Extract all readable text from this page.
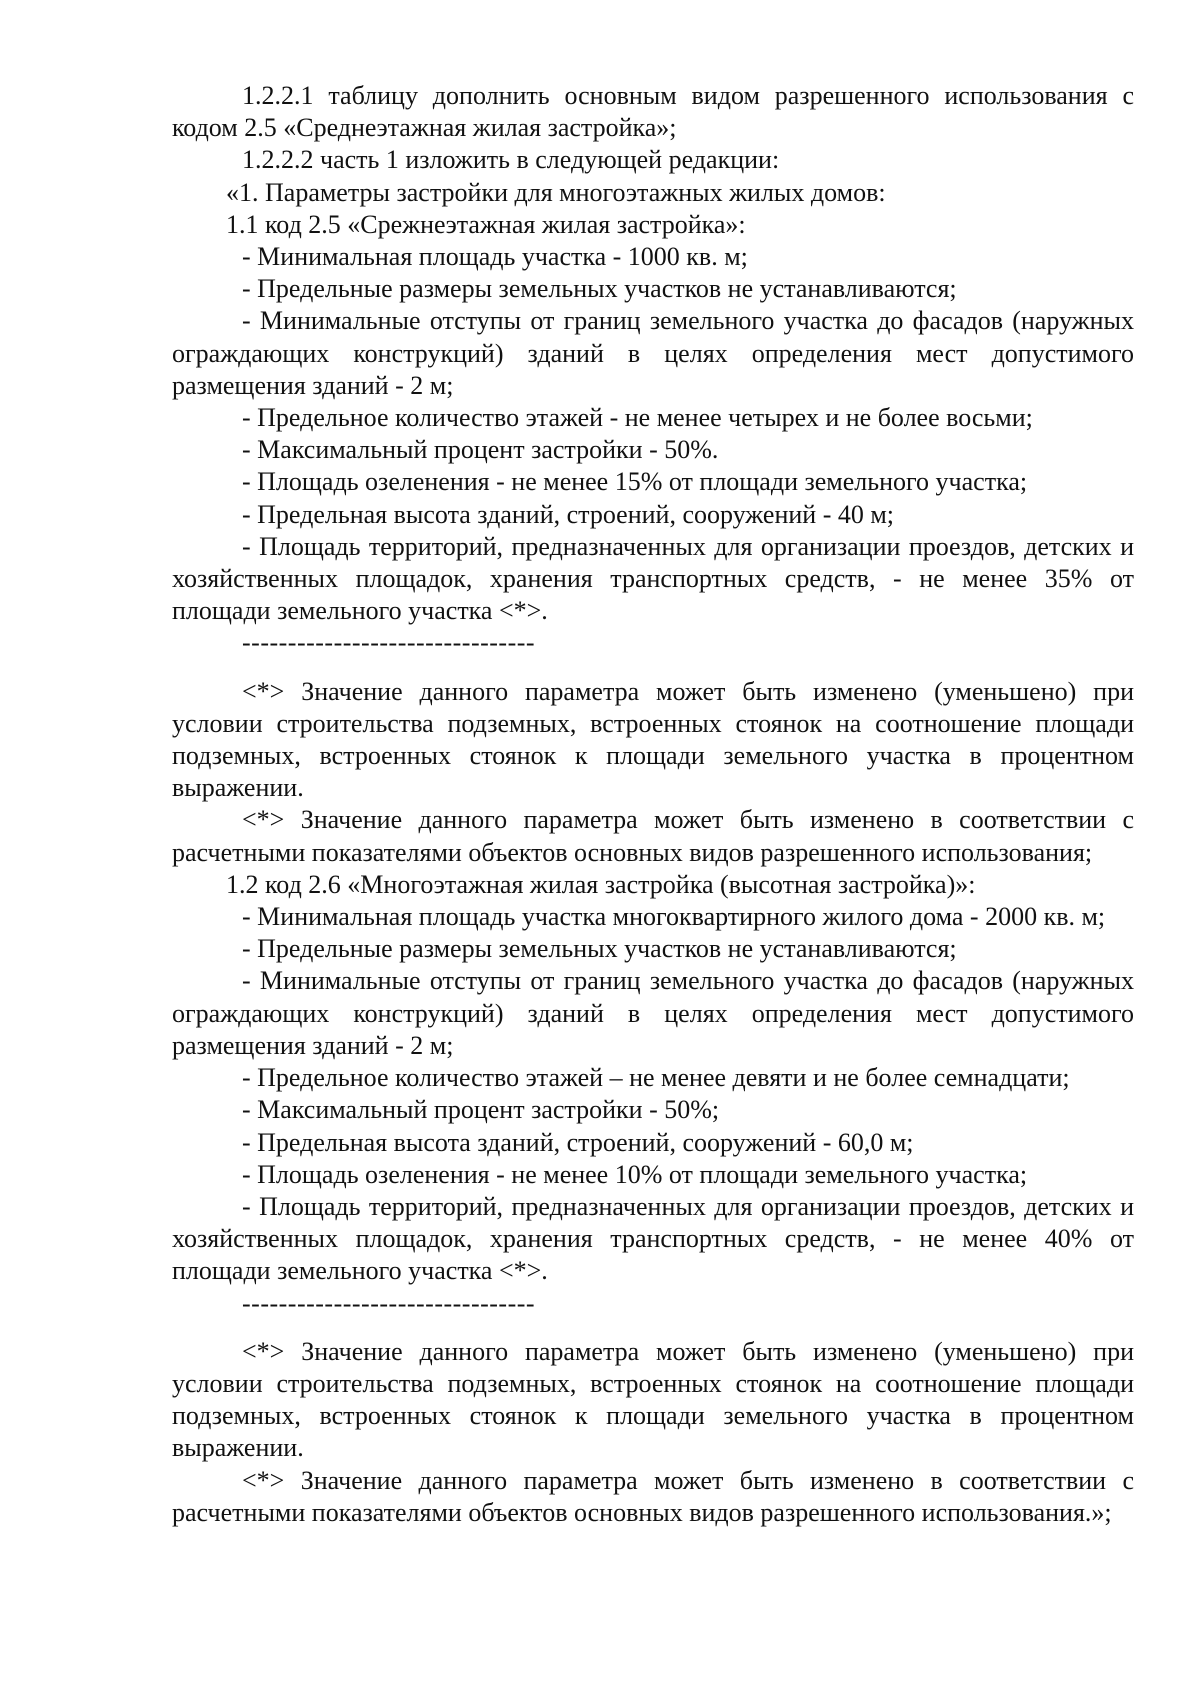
1.2.2.1 таблицу дополнить основным видом разрешенного использования с кодом 2.5 «Среднеэтажная жилая застройка»;

1.2.2.2 часть 1 изложить в следующей редакции:

«1. Параметры застройки для многоэтажных жилых домов:

1.1 код 2.5 «Срежнеэтажная жилая застройка»:

- Минимальная площадь участка - 1000 кв. м;

- Предельные размеры земельных участков не устанавливаются;

- Минимальные отступы от границ земельного участка до фасадов (наружных ограждающих конструкций) зданий в целях определения мест допустимого размещения зданий - 2 м;

- Предельное количество этажей - не менее четырех и не более восьми;

- Максимальный процент застройки - 50%.

- Площадь озеленения - не менее 15% от площади земельного участка;

- Предельная высота зданий, строений, сооружений - 40 м;

- Площадь территорий, предназначенных для организации проездов, детских и хозяйственных площадок, хранения транспортных средств, - не менее 35% от площади земельного участка <*>.

--------------------------------

<*> Значение данного параметра может быть изменено (уменьшено) при условии строительства подземных, встроенных стоянок на соотношение площади подземных, встроенных стоянок к площади земельного участка в процентном выражении.

<*> Значение данного параметра может быть изменено в соответствии с расчетными показателями объектов основных видов разрешенного использования;

1.2 код 2.6 «Многоэтажная жилая застройка (высотная застройка)»:

- Минимальная площадь участка многоквартирного жилого дома - 2000 кв. м;

- Предельные размеры земельных участков не устанавливаются;

- Минимальные отступы от границ земельного участка до фасадов (наружных ограждающих конструкций) зданий в целях определения мест допустимого размещения зданий - 2 м;

- Предельное количество этажей – не менее девяти и не более семнадцати;

- Максимальный процент застройки - 50%;

- Предельная высота зданий, строений, сооружений - 60,0 м;

- Площадь озеленения - не менее 10% от площади земельного участка;

- Площадь территорий, предназначенных для организации проездов, детских и хозяйственных площадок, хранения транспортных средств, - не менее 40% от площади земельного участка <*>.

--------------------------------

<*> Значение данного параметра может быть изменено (уменьшено) при условии строительства подземных, встроенных стоянок на соотношение площади подземных, встроенных стоянок к площади земельного участка в процентном выражении.

<*> Значение данного параметра может быть изменено в соответствии с расчетными показателями объектов основных видов разрешенного использования.»;
